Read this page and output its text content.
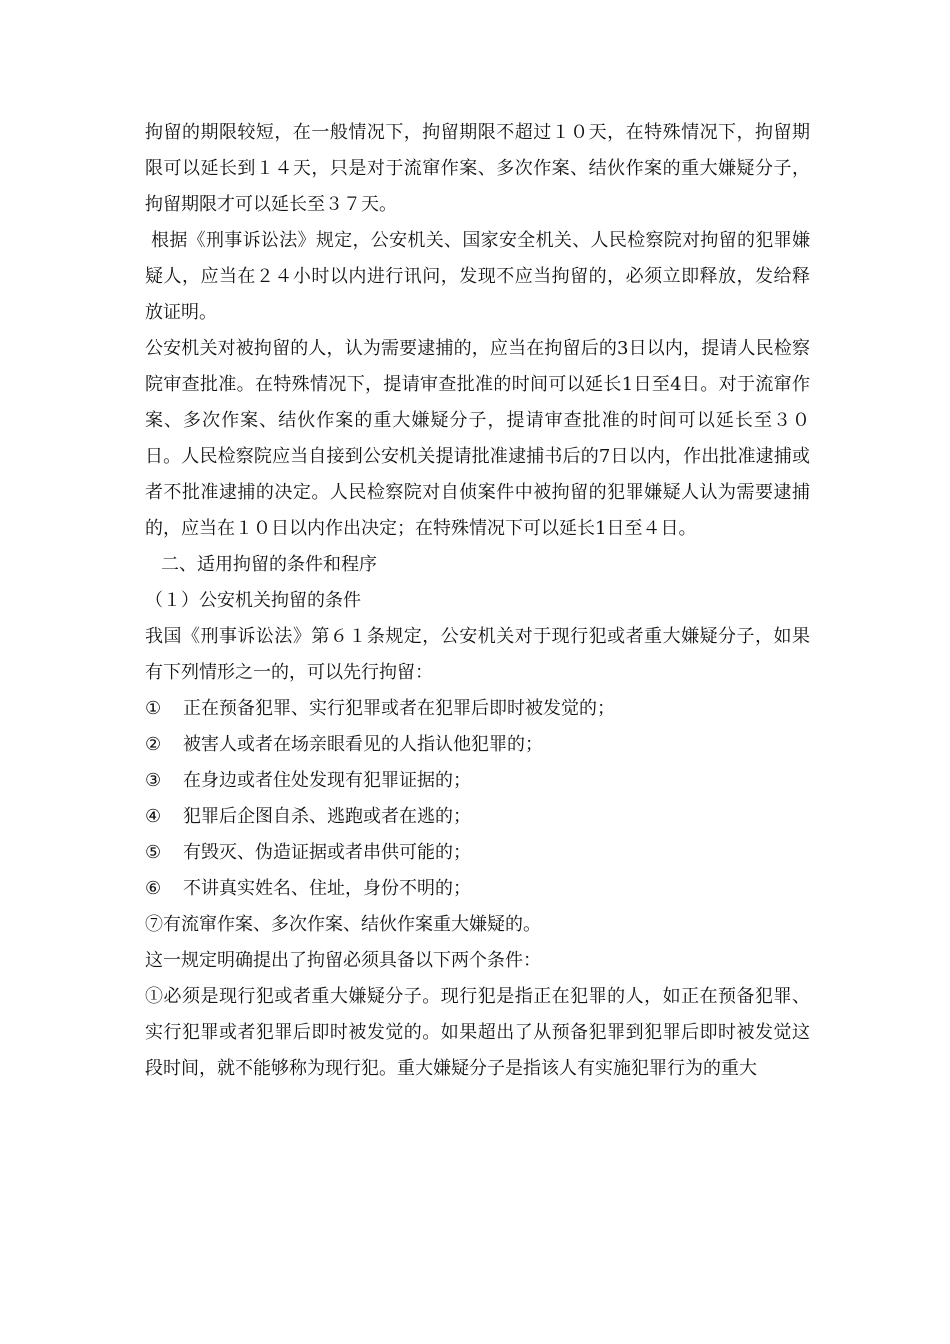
拘留的期限较短，在一般情况下，拘留期限不超过１０天，在特殊情况下，拘留期限可以延长到１４天，只是对于流窜作案、多次作案、结伙作案的重大嫌疑分子，拘留期限才可以延长至３７天。

根据《刑事诉讼法》规定，公安机关、国家安全机关、人民检察院对拘留的犯罪嫌疑人，应当在２４小时以内进行讯问，发现不应当拘留的，必须立即释放，发给释放证明。

公安机关对被拘留的人，认为需要逮捕的，应当在拘留后的3日以内，提请人民检察院审查批准。在特殊情况下，提请审查批准的时间可以延长1日至4日。对于流窜作案、多次作案、结伙作案的重大嫌疑分子，提请审查批准的时间可以延长至３０日。人民检察院应当自接到公安机关提请批准逮捕书后的7日以内，作出批准逮捕或者不批准逮捕的决定。人民检察院对自侦案件中被拘留的犯罪嫌疑人认为需要逮捕的，应当在１０日以内作出决定；在特殊情况下可以延长1日至４日。

二、适用拘留的条件和程序

（１）公安机关拘留的条件

我国《刑事诉讼法》第６１条规定，公安机关对于现行犯或者重大嫌疑分子，如果有下列情形之一的，可以先行拘留：

①	正在预备犯罪、实行犯罪或者在犯罪后即时被发觉的；
②	被害人或者在场亲眼看见的人指认他犯罪的；
③	在身边或者住处发现有犯罪证据的；
④	犯罪后企图自杀、逃跑或者在逃的；
⑤	有毁灭、伪造证据或者串供可能的；
⑥	不讲真实姓名、住址，身份不明的；

⑦有流窜作案、多次作案、结伙作案重大嫌疑的。

这一规定明确提出了拘留必须具备以下两个条件：

①必须是现行犯或者重大嫌疑分子。现行犯是指正在犯罪的人，如正在预备犯罪、实行犯罪或者犯罪后即时被发觉的。如果超出了从预备犯罪到犯罪后即时被发觉这段时间，就不能够称为现行犯。重大嫌疑分子是指该人有实施犯罪行为的重大
